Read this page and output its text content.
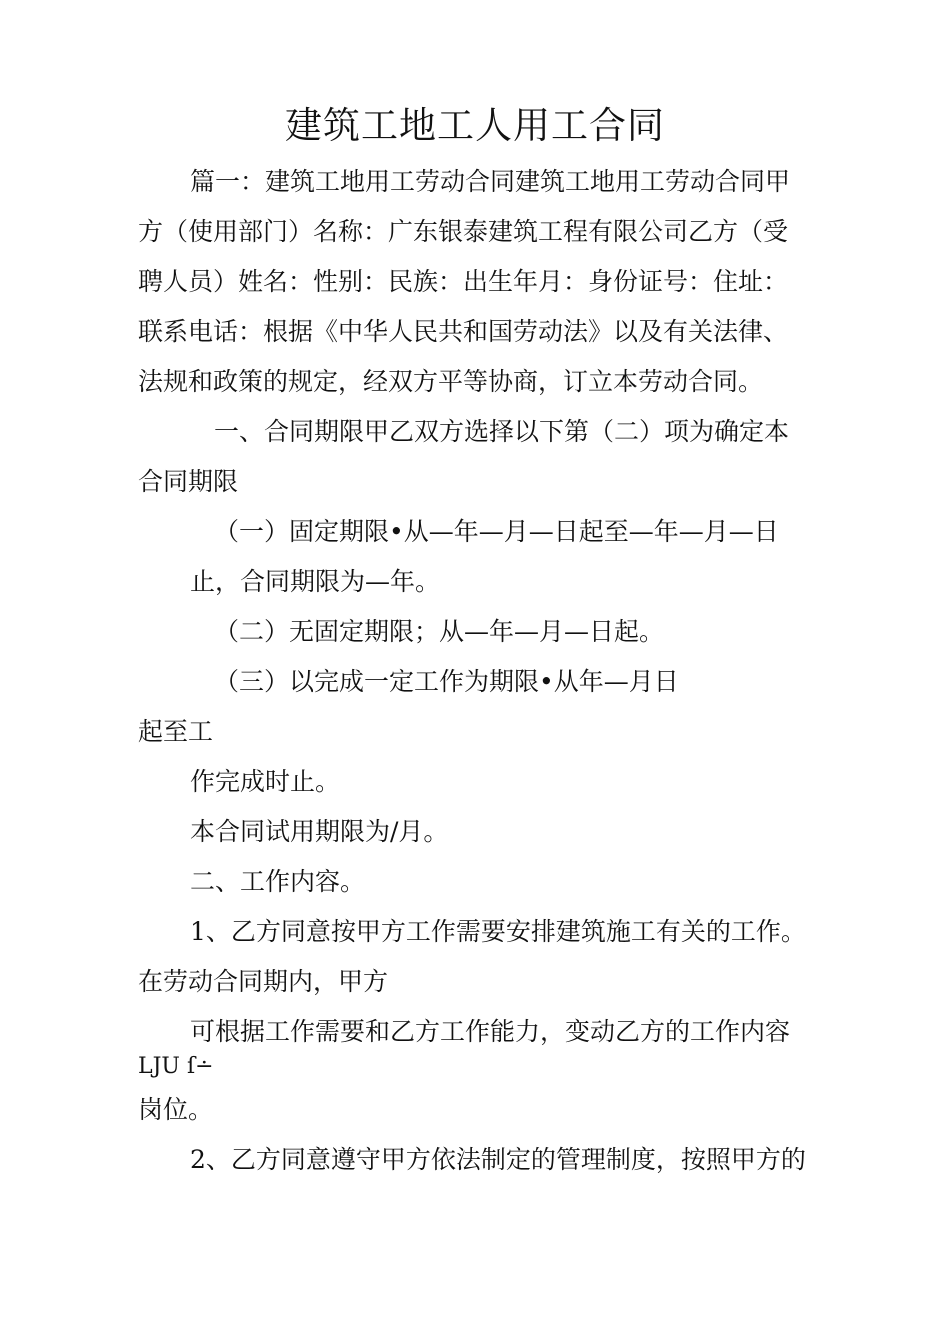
建筑工地工人用工合同
篇一：建筑工地用工劳动合同建筑工地用工劳动合同甲
方（使用部门）名称：广东银泰建筑工程有限公司乙方（受
聘人员）姓名：性别：民族：出生年月：身份证号：住址：
联系电话：根据《中华人民共和国劳动法》以及有关法律、
法规和政策的规定，经双方平等协商，订立本劳动合同。
一、合同期限甲乙双方选择以下第（二）项为确定本
合同期限
（一）固定期限•从—年—月—日起至—年—月—日
止，合同期限为—年。
（二）无固定期限；从—年—月—日起。
（三）以完成一定工作为期限•从年—月日
起至工
作完成时止。
本合同试用期限为/月。
二、工作内容。
1、乙方同意按甲方工作需要安排建筑施工有关的工作。
在劳动合同期内，甲方
可根据工作需要和乙方工作能力，变动乙方的工作内容
LJU ſ∸
岗位。
2、乙方同意遵守甲方依法制定的管理制度，按照甲方的
